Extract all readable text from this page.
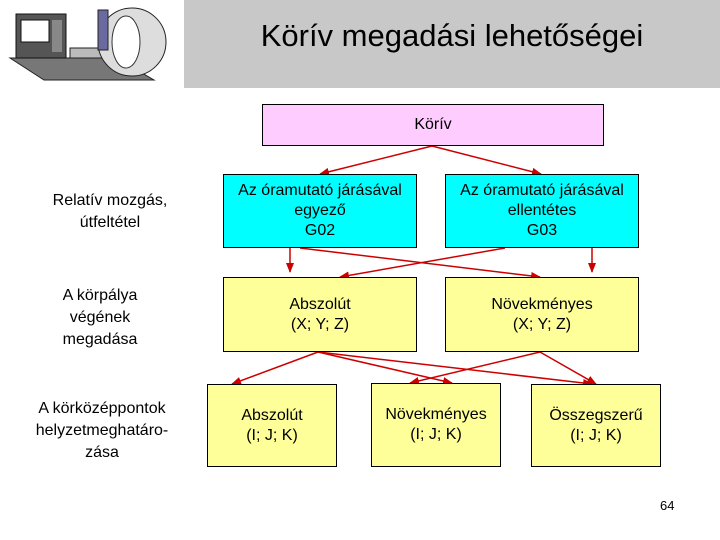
Körív megadási lehetőségei
Körív
Az óramutató járásával
egyező
G02
Az óramutató járásával
ellentétes
G03
Abszolút
(X; Y; Z)
Növekményes
(X; Y; Z)
Abszolút
(I; J; K)
Növekményes
(I; J; K)
Összegszerű
(I; J; K)
Relatív mozgás,
útfeltétel
A körpálya
végének
megadása
A körközéppontok
helyzetmeghatáro-
zása
64
